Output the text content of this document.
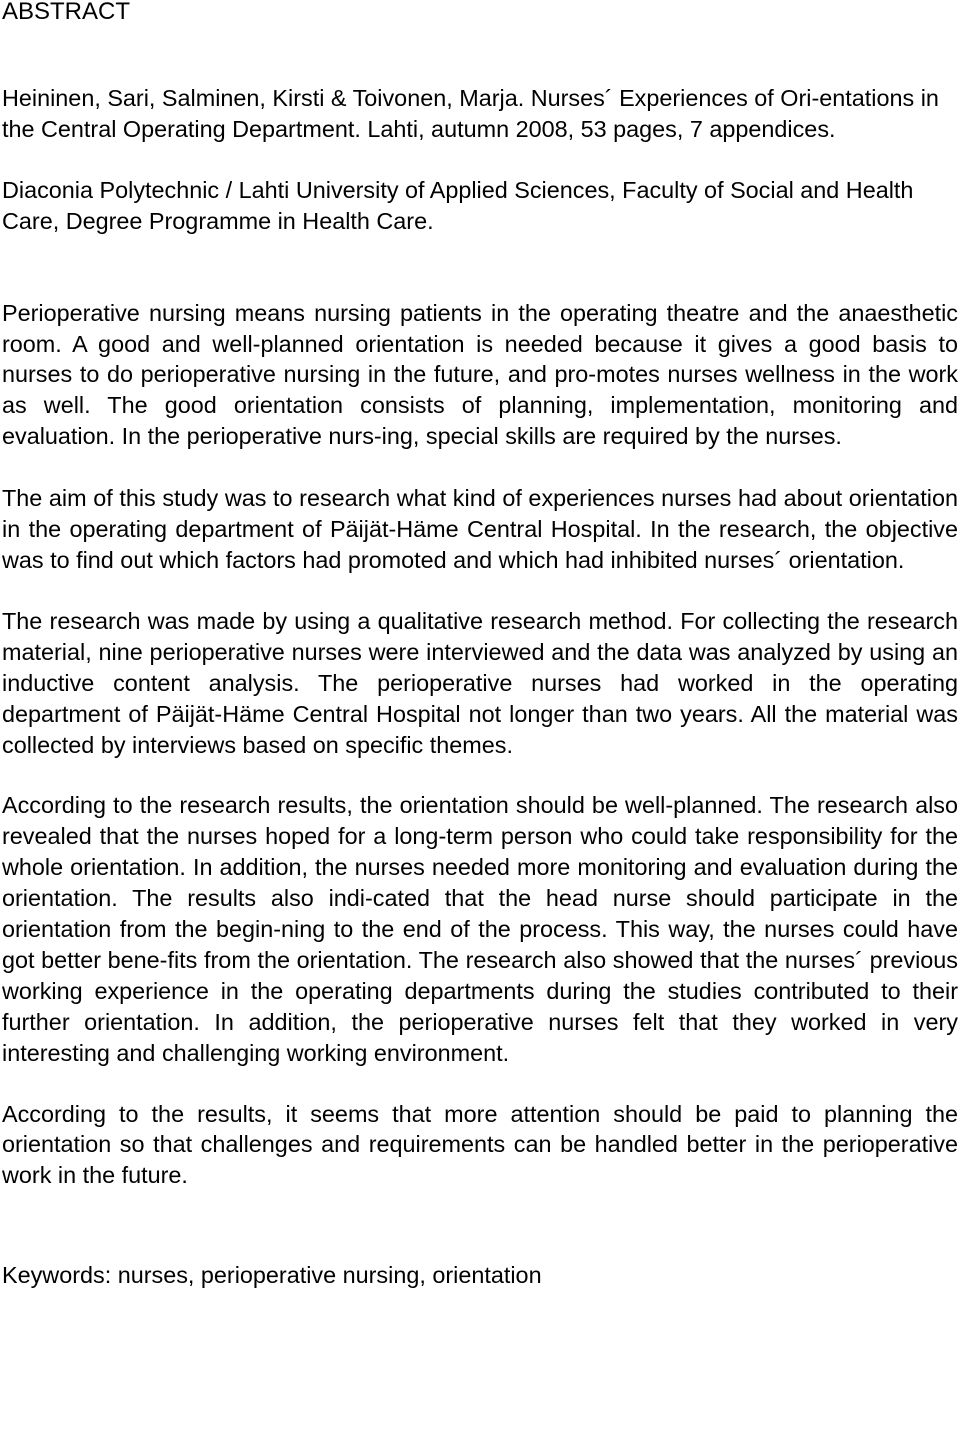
ABSTRACT

Heininen, Sari, Salminen, Kirsti & Toivonen, Marja. Nurses´ Experiences of Ori-entations in the Central Operating Department. Lahti, autumn 2008, 53 pages, 7 appendices.

Diaconia Polytechnic / Lahti University of Applied Sciences, Faculty of Social and Health Care, Degree Programme in Health Care.

Perioperative nursing means nursing patients in the operating theatre and the anaesthetic room. A good and well-planned orientation is needed because it gives a good basis to nurses to do perioperative nursing in the future, and pro-motes nurses wellness in the work as well. The good orientation consists of planning, implementation, monitoring and evaluation. In the perioperative nurs-ing, special skills are required by the nurses.

The aim of this study was to research what kind of experiences nurses had about orientation in the operating department of Päijät-Häme Central Hospital. In the research, the objective was to find out which factors had promoted and which had inhibited nurses´ orientation.

The research was made by using a qualitative research method. For collecting the research material, nine perioperative nurses were interviewed and the data was analyzed by using an inductive content analysis. The perioperative nurses had worked in the operating department of Päijät-Häme Central Hospital not longer than two years. All the material was collected by interviews based on specific themes.

According to the research results, the orientation should be well-planned. The research also revealed that the nurses hoped for a long-term person who could take responsibility for the whole orientation. In addition, the nurses needed more monitoring and evaluation during the orientation. The results also indi-cated that the head nurse should participate in the orientation from the begin-ning to the end of the process. This way, the nurses could have got better bene-fits from the orientation. The research also showed that the nurses´ previous working experience in the operating departments during the studies contributed to their further orientation. In addition, the perioperative nurses felt that they worked in very interesting and challenging working environment.

According to the results, it seems that more attention should be paid to planning the orientation so that challenges and requirements can be handled better in the perioperative work in the future.

Keywords: nurses, perioperative nursing, orientation
